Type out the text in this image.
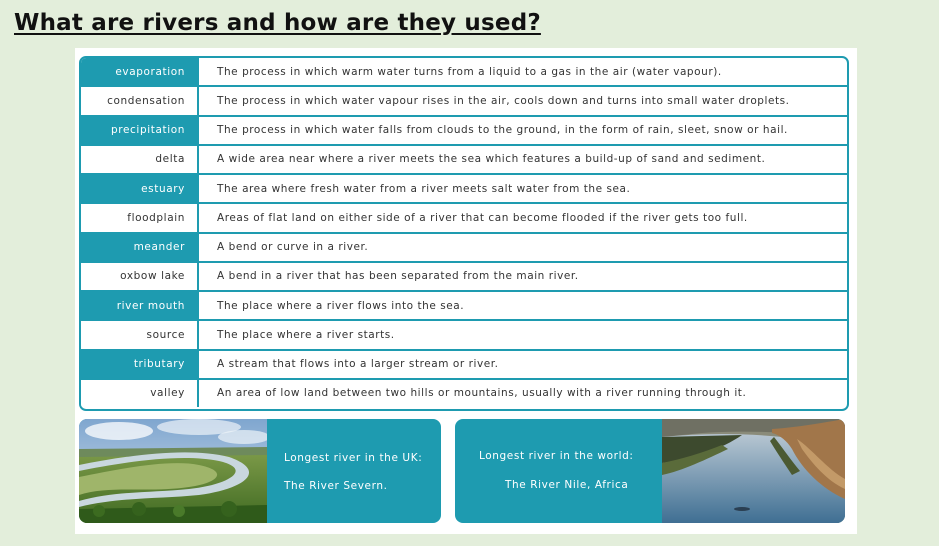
What are rivers and how are they used?
evaporation	The process in which warm water turns from a liquid to a gas in the air (water vapour).
condensation	The process in which water vapour rises in the air, cools down and turns into small water droplets.
precipitation	The process in which water falls from clouds to the ground, in the form of rain, sleet, snow or hail.
delta	A wide area near where a river meets the sea which features a build-up of sand and sediment.
estuary	The area where fresh water from a river meets salt water from the sea.
floodplain	Areas of flat land on either side of a river that can become flooded if the river gets too full.
meander	A bend or curve in a river.
oxbow lake	A bend in a river that has been separated from the main river.
river mouth	The place where a river flows into the sea.
source	The place where a river starts.
tributary	A stream that flows into a larger stream or river.
valley	An area of low land between two hills or mountains, usually with a river running through it.
Longest river in the UK:
The River Severn.
Longest river in the world:
The River Nile, Africa
